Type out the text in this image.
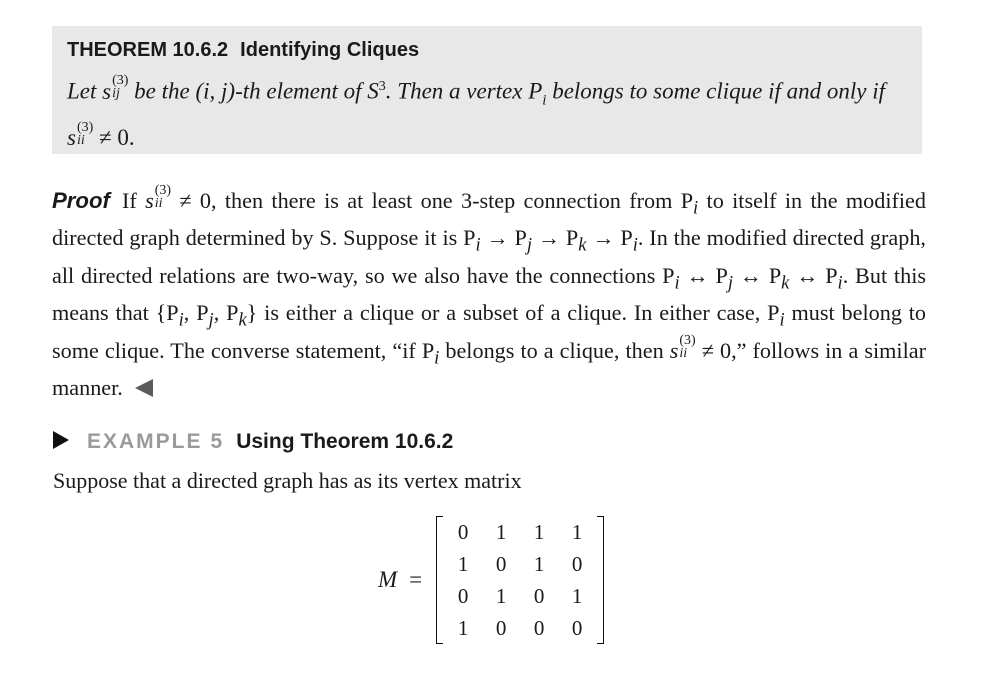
THEOREM 10.6.2 Identifying Cliques
Let s (3)
ij be the (i, j)-th element of $S^3$. Then a vertex $P_i$ belongs to some clique if and only if s (3)
ii ≠ 0.
Proof If s (3)
ii ≠ 0, then there is at least one 3-step connection from $P_i$ to itself in the modified directed graph determined by S. Suppose it is $P_i \to P_j \to P_k \to P_i$. In the modified directed graph, all directed relations are two-way, so we also have the connections $P_i$ ↔ $P_j$ ↔ $P_k$ ↔ $P_i$. But this means that {$P_i$, $P_j$, $P_k$} is either a clique or a subset of a clique. In either case, $P_i$ must belong to some clique. The converse statement, “if $P_i$ belongs to a clique, then s (3)
ii ≠ 0,” follows in a similar manner.
EXAMPLE 5 Using Theorem 10.6.2
Suppose that a directed graph has as its vertex matrix
M =
0	1	1	1
1	0	1	0
0	1	0	1
1	0	0	0
